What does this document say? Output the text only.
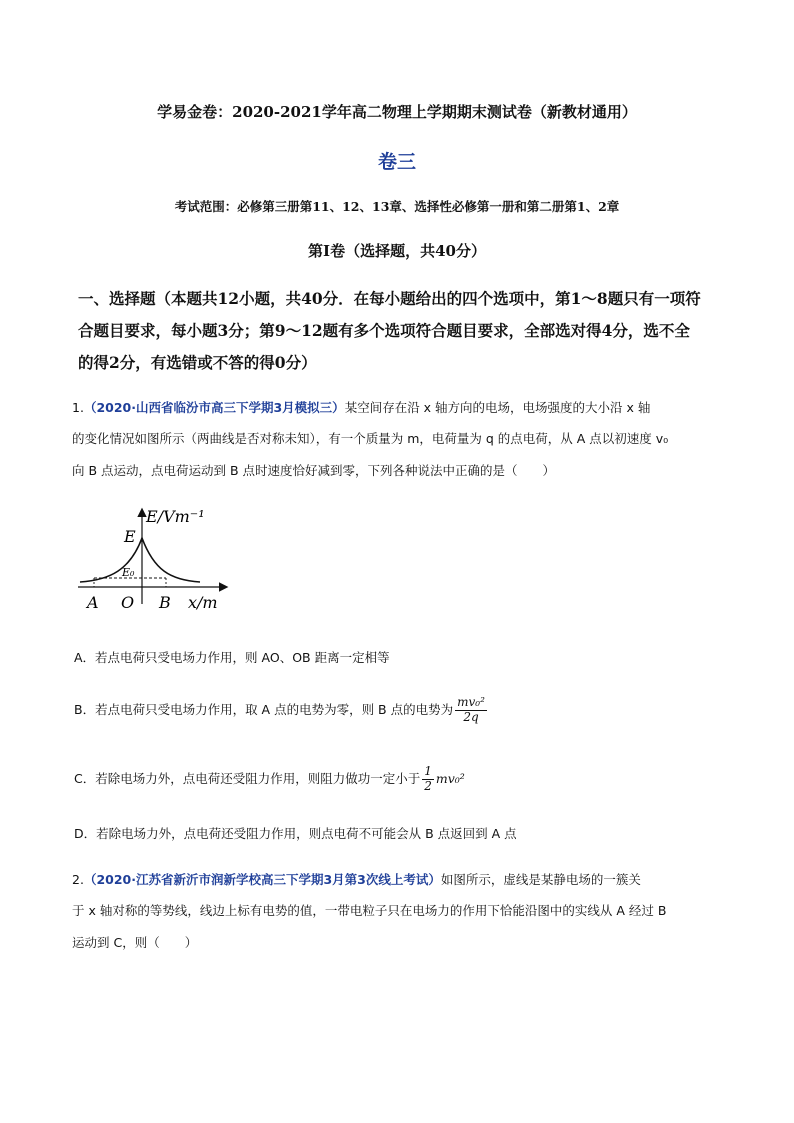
学易金卷：2020-2021学年高二物理上学期期末测试卷（新教材通用）
卷三
考试范围：必修第三册第11、12、13章、选择性必修第一册和第二册第1、2章
第Ⅰ卷（选择题，共40分）
一、选择题（本题共12小题，共40分．在每小题给出的四个选项中，第1～8题只有一项符
合题目要求，每小题3分；第9～12题有多个选项符合题目要求，全部选对得4分，选不全
的得2分，有选错或不答的得0分）
1.（2020·山西省临汾市高三下学期3月模拟三）某空间存在沿 x 轴方向的电场，电场强度的大小沿 x 轴
的变化情况如图所示（两曲线是否对称未知），有一个质量为 m，电荷量为 q 的点电荷，从 A 点以初速度 v₀
向 B 点运动，点电荷运动到 B 点时速度恰好减到零，下列各种说法中正确的是（　　）
E/Vm⁻¹
E
E₀
A O B x/m
A．若点电荷只受电场力作用，则 AO、OB 距离一定相等
B．若点电荷只受电场力作用，取 A 点的电势为零，则 B 点的电势为 $\frac{\text{mv₀²}}{2q}$
C．若除电场力外，点电荷还受阻力作用，则阻力做功一定小于 $\frac{1}{2} mv_0^2$
D．若除电场力外，点电荷还受阻力作用，则点电荷不可能会从 B 点返回到 A 点
2.（2020·江苏省新沂市润新学校高三下学期3月第3次线上考试）如图所示，虚线是某静电场的一簇关
于 x 轴对称的等势线，线边上标有电势的值，一带电粒子只在电场力的作用下恰能沿图中的实线从 A 经过 B
运动到 C，则（　　）
